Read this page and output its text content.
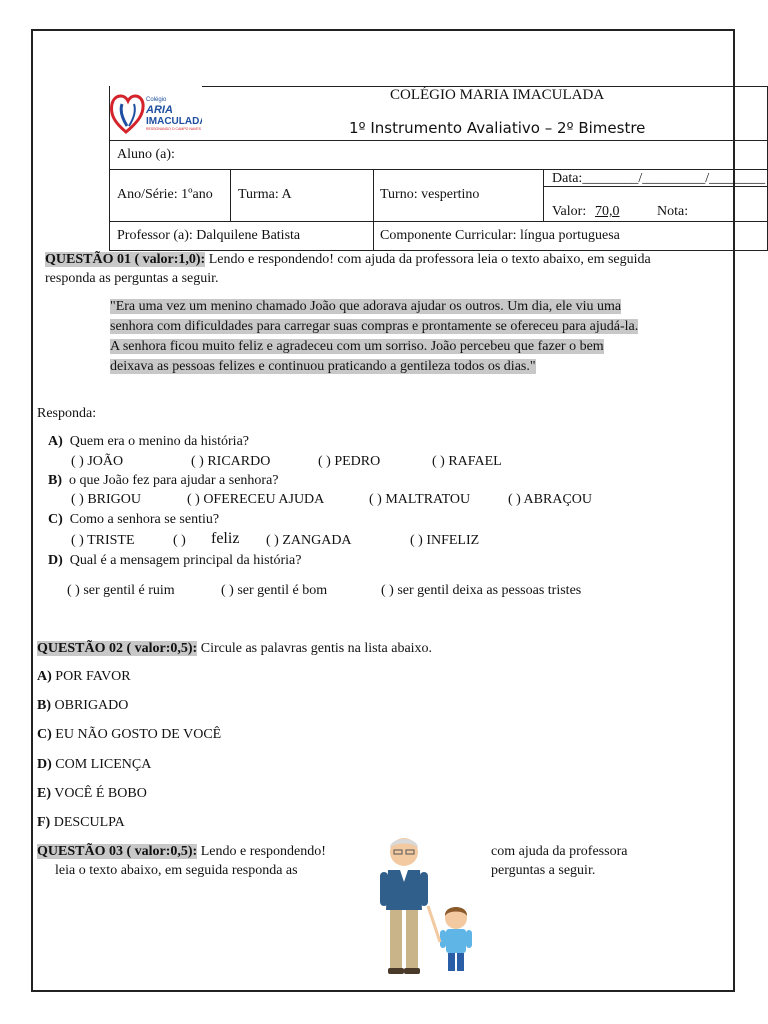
Colégio
ARIA
IMACULADA
RESSONANDO O CAMPO NAVES
COLÉGIO MARIA IMACULADA
1º Instrumento Avaliativo – 2º Bimestre
Aluno (a):
Ano/Série: 1ºano Turma: A	Turno: vespertino
Data:________/_________/________
Valor: 70,0	Nota:
Professor (a): Dalquilene Batista	Componente Curricular: língua portuguesa
QUESTÃO 01 ( valor:1,0): Lendo e respondendo! com ajuda da professora leia o texto abaixo, em seguida
responda as perguntas a seguir.
"Era uma vez um menino chamado João que adorava ajudar os outros. Um dia, ele viu uma senhora com dificuldades para carregar suas compras e prontamente se ofereceu para ajudá-la. A senhora ficou muito feliz e agradeceu com um sorriso. João percebeu que fazer o bem deixava as pessoas felizes e continuou praticando a gentileza todos os dias."
Responda:
A) Quem era o menino da história?
( ) JOÃO	( ) RICARDO	( ) PEDRO	( ) RAFAEL
B) o que João fez para ajudar a senhora?
( ) BRIGOU	( ) OFERECEU AJUDA	( ) MALTRATOU	( ) ABRAÇOU
C) Como a senhora se sentiu?
( ) TRISTE	( ) feliz ( ) ZANGADA	( ) INFELIZ
D) Qual é a mensagem principal da história?
( ) ser gentil é ruim	( ) ser gentil é bom	( ) ser gentil deixa as pessoas tristes
QUESTÃO 02 ( valor:0,5): Circule as palavras gentis na lista abaixo.
A) POR FAVOR
B) OBRIGADO
C) EU NÃO GOSTO DE VOCÊ
D) COM LICENÇA
E) VOCÊ É BOBO
F) DESCULPA
QUESTÃO 03 ( valor:0,5): Lendo e respondendo!
leia o texto abaixo, em seguida responda as
com ajuda da professora
perguntas a seguir.
